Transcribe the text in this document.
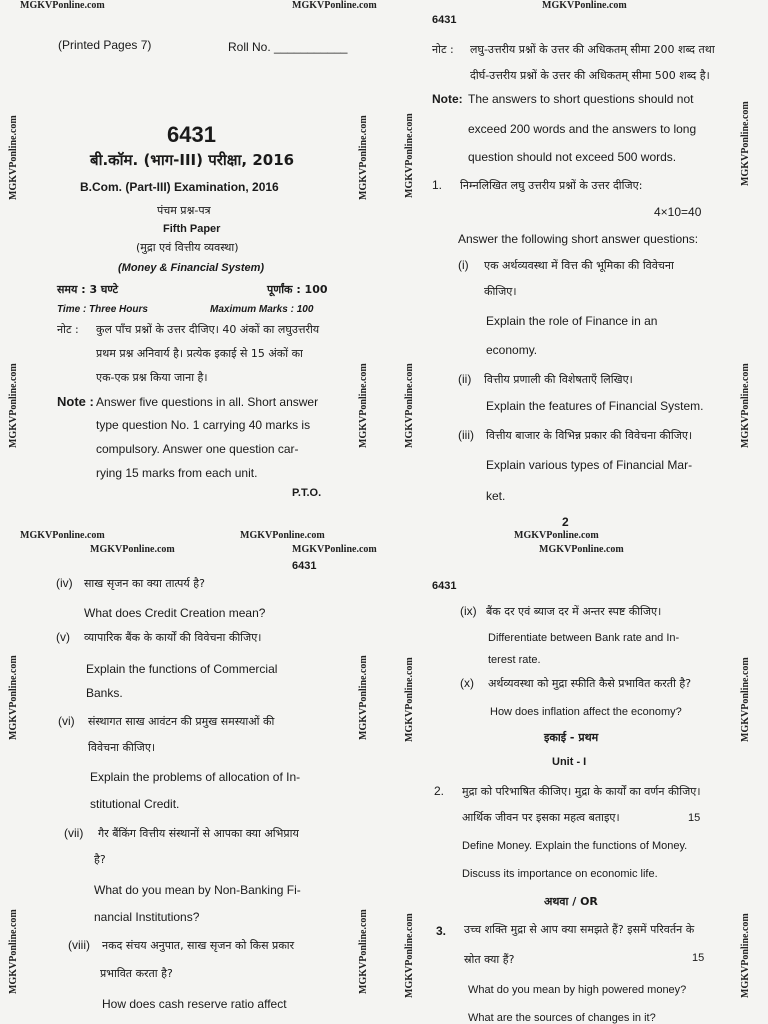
MGKVPonline.com	MGKVPonline.com
MGKVPonline.com
MGKVPonline.com
MGKVPonline.com
MGKVPonline.com
(Printed Pages 7)	Roll No. ___________
6431
बी.कॉम. (भाग-III) परीक्षा, 2016
B.Com. (Part-III) Examination, 2016
पंचम प्रश्न-पत्र
Fifth Paper
(मुद्रा एवं वित्तीय व्यवस्था)
(Money & Financial System)
समय : 3 घण्टे	पूर्णांक : 100
Time : Three Hours	Maximum Marks : 100
नोट : कुल पाँच प्रश्नों के उत्तर दीजिए। 40 अंकों का लघुउत्तरीय
प्रथम प्रश्न अनिवार्य है। प्रत्येक इकाई से 15 अंकों का
एक-एक प्रश्न किया जाना है।
Note : Answer five questions in all. Short answer
type question No. 1 carrying 40 marks is
compulsory. Answer one question car-
rying 15 marks from each unit.
P.T.O.
MGKVPonline.com
MGKVPonline.com
MGKVPonline.com
MGKVPonline.com
MGKVPonline.com
6431
नोट : लघु-उत्तरीय प्रश्नों के उत्तर की अधिकतम् सीमा 200 शब्द तथा
दीर्घ-उत्तरीय प्रश्नों के उत्तर की अधिकतम् सीमा 500 शब्द है।
Note: The answers to short questions should not
exceed 200 words and the answers to long
question should not exceed 500 words.
1. निम्नलिखित लघु उत्तरीय प्रश्नों के उत्तर दीजिए:
4×10=40
Answer the following short answer questions:
(i) एक अर्थव्यवस्था में वित्त की भूमिका की विवेचना
कीजिए।
Explain the role of Finance in an
economy.
(ii) वित्तीय प्रणाली की विशेषताएँ लिखिए।
Explain the features of Financial System.
(iii) वित्तीय बाजार के विभिन्न प्रकार की विवेचना कीजिए।
Explain various types of Financial Mar-
ket.
MGKVPonline.com	MGKVPonline.com
MGKVPonline.com	MGKVPonline.com
MGKVPonline.com
MGKVPonline.com
MGKVPonline.com
MGKVPonline.com
6431
(iv) साख सृजन का क्या तात्पर्य है?
What does Credit Creation mean?
(v) व्यापारिक बैंक के कार्यों की विवेचना कीजिए।
Explain the functions of Commercial
Banks.
(vi) संस्थागत साख आवंटन की प्रमुख समस्याओं की
विवेचना कीजिए।
Explain the problems of allocation of In-
stitutional Credit.
(vii) गैर बैंकिंग वित्तीय संस्थानों से आपका क्या अभिप्राय
है?
What do you mean by Non-Banking Fi-
nancial Institutions?
(viii) नकद संचय अनुपात, साख सृजन को किस प्रकार
प्रभावित करता है?
How does cash reserve ratio affect
2
MGKVPonline.com
MGKVPonline.com
MGKVPonline.com
MGKVPonline.com
MGKVPonline.com
MGKVPonline.com
6431
(ix) बैंक दर एवं ब्याज दर में अन्तर स्पष्ट कीजिए।
Differentiate between Bank rate and In-
terest rate.
(x) अर्थव्यवस्था को मुद्रा स्फीति कैसे प्रभावित करती है?
How does inflation affect the economy?
इकाई - प्रथम
Unit - I
2. मुद्रा को परिभाषित कीजिए। मुद्रा के कार्यों का वर्णन कीजिए।
आर्थिक जीवन पर इसका महत्व बताइए।	15
Define Money. Explain the functions of Money.
Discuss its importance on economic life.
अथवा / OR
3. उच्च शक्ति मुद्रा से आप क्या समझते हैं? इसमें परिवर्तन के
स्रोत क्या हैं?	15
What do you mean by high powered money?
What are the sources of changes in it?
